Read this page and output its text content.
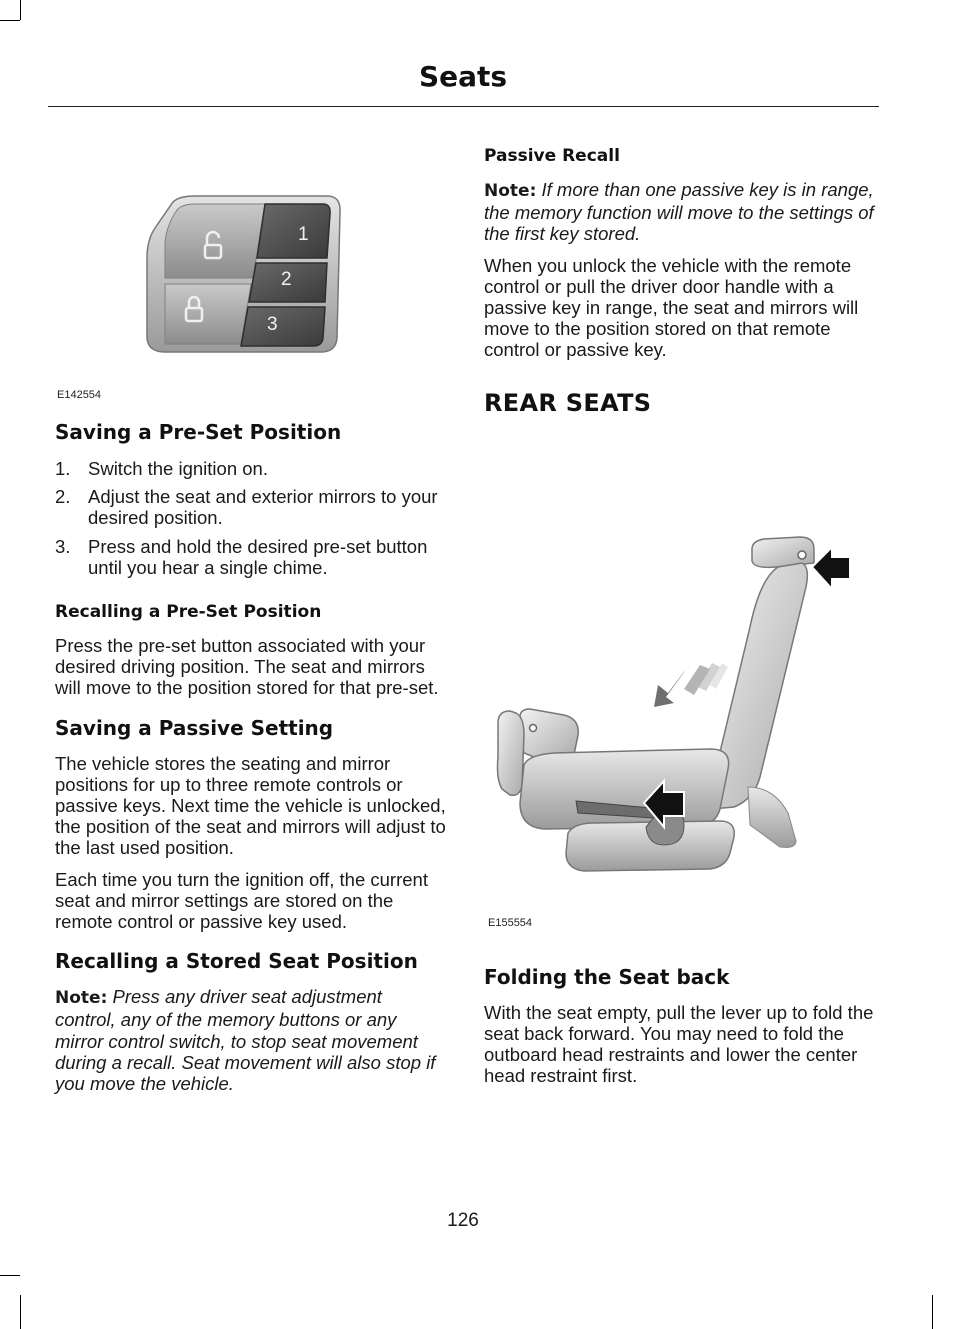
Seats
1
2
3
E142554
Saving a Pre-Set Position
1. Switch the ignition on.
2. Adjust the seat and exterior mirrors to your desired position.
3. Press and hold the desired pre-set button until you hear a single chime.
Recalling a Pre-Set Position

Press the pre-set button associated with your desired driving position. The seat and mirrors will move to the position stored for that pre-set.

Saving a Passive Setting

The vehicle stores the seating and mirror positions for up to three remote controls or passive keys. Next time the vehicle is unlocked, the position of the seat and mirrors will adjust to the last used position.

Each time you turn the ignition off, the current seat and mirror settings are stored on the remote control or passive key used.

Recalling a Stored Seat Position

Note: Press any driver seat adjustment control, any of the memory buttons or any mirror control switch, to stop seat movement during a recall. Seat movement will also stop if you move the vehicle.

Passive Recall

Note: If more than one passive key is in range, the memory function will move to the settings of the first key stored.

When you unlock the vehicle with the remote control or pull the driver door handle with a passive key in range, the seat and mirrors will move to the position stored on that remote control or passive key.

REAR SEATS
E155554
Folding the Seat back

With the seat empty, pull the lever up to fold the seat back forward. You may need to fold the outboard head restraints and lower the center head restraint first.

126
